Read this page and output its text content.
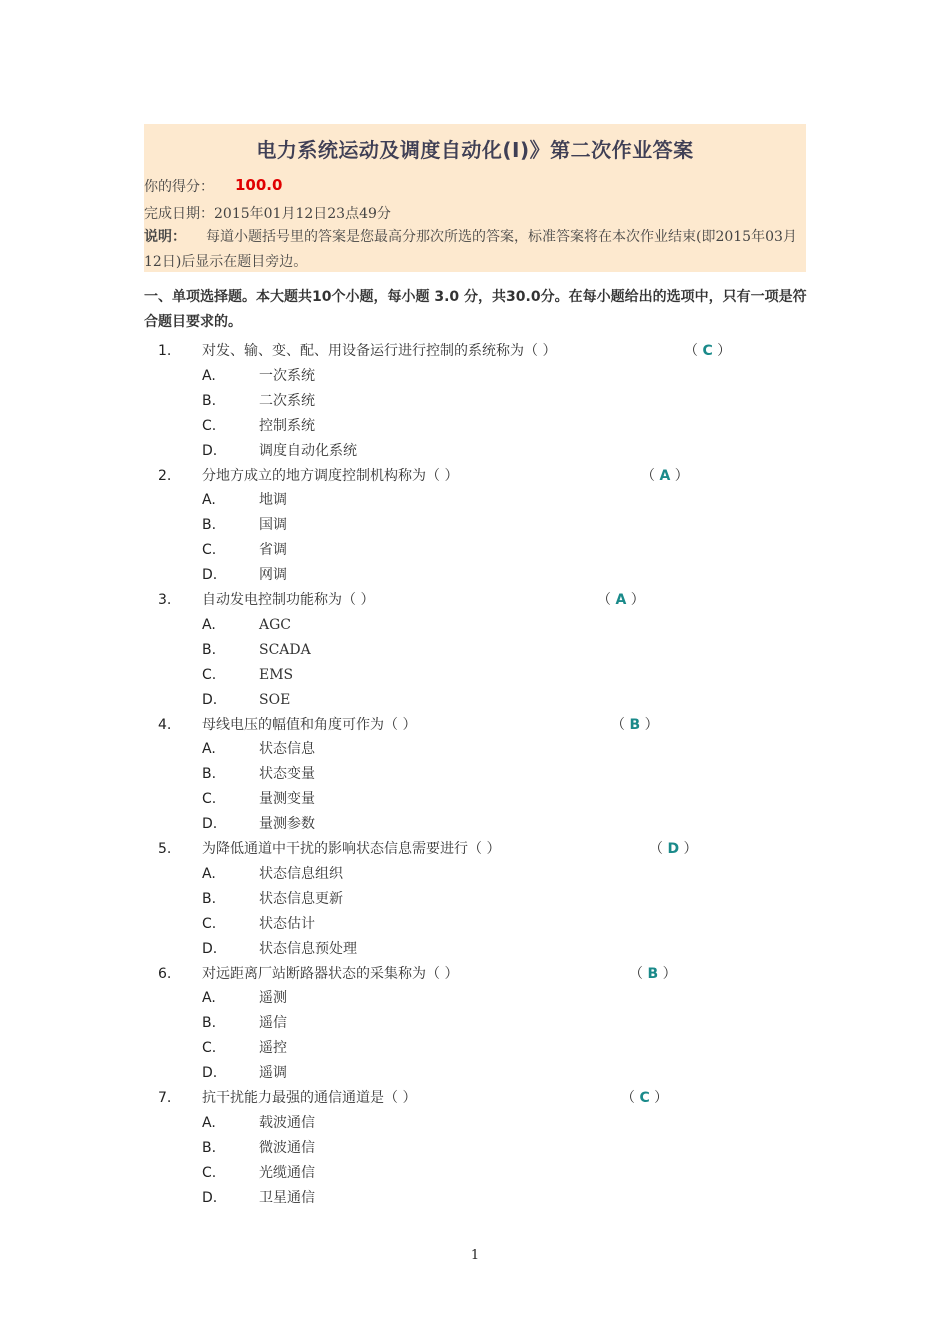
电力系统运动及调度自动化(Ⅰ)》第二次作业答案
你的得分： 100.0
完成日期：2015年01月12日23点49分
说明： 每道小题括号里的答案是您最高分那次所选的答案，标准答案将在本次作业结束(即2015年03月12日)后显示在题目旁边。
一、单项选择题。本大题共10个小题，每小题 3.0 分，共30.0分。在每小题给出的选项中，只有一项是符合题目要求的。
1. 对发、输、变、配、用设备运行进行控制的系统称为（ ）	（ C ）
A.	一次系统
B.	二次系统
C.	控制系统
D.	调度自动化系统
2. 分地方成立的地方调度控制机构称为（ ）	（ A ）
A.	地调
B.	国调
C.	省调
D.	网调
3. 自动发电控制功能称为（ ）	（ A ）
A.	AGC
B.	SCADA
C.	EMS
D.	SOE
4. 母线电压的幅值和角度可作为（ ）	（ B ）
A.	状态信息
B.	状态变量
C.	量测变量
D.	量测参数
5. 为降低通道中干扰的影响状态信息需要进行（ ）	（ D ）
A.	状态信息组织
B.	状态信息更新
C.	状态估计
D.	状态信息预处理
6. 对远距离厂站断路器状态的采集称为（ ）	（ B ）
A.	遥测
B.	遥信
C.	遥控
D.	遥调
7. 抗干扰能力最强的通信通道是（ ）	（ C ）
A.	载波通信
B.	微波通信
C.	光缆通信
D.	卫星通信
1
